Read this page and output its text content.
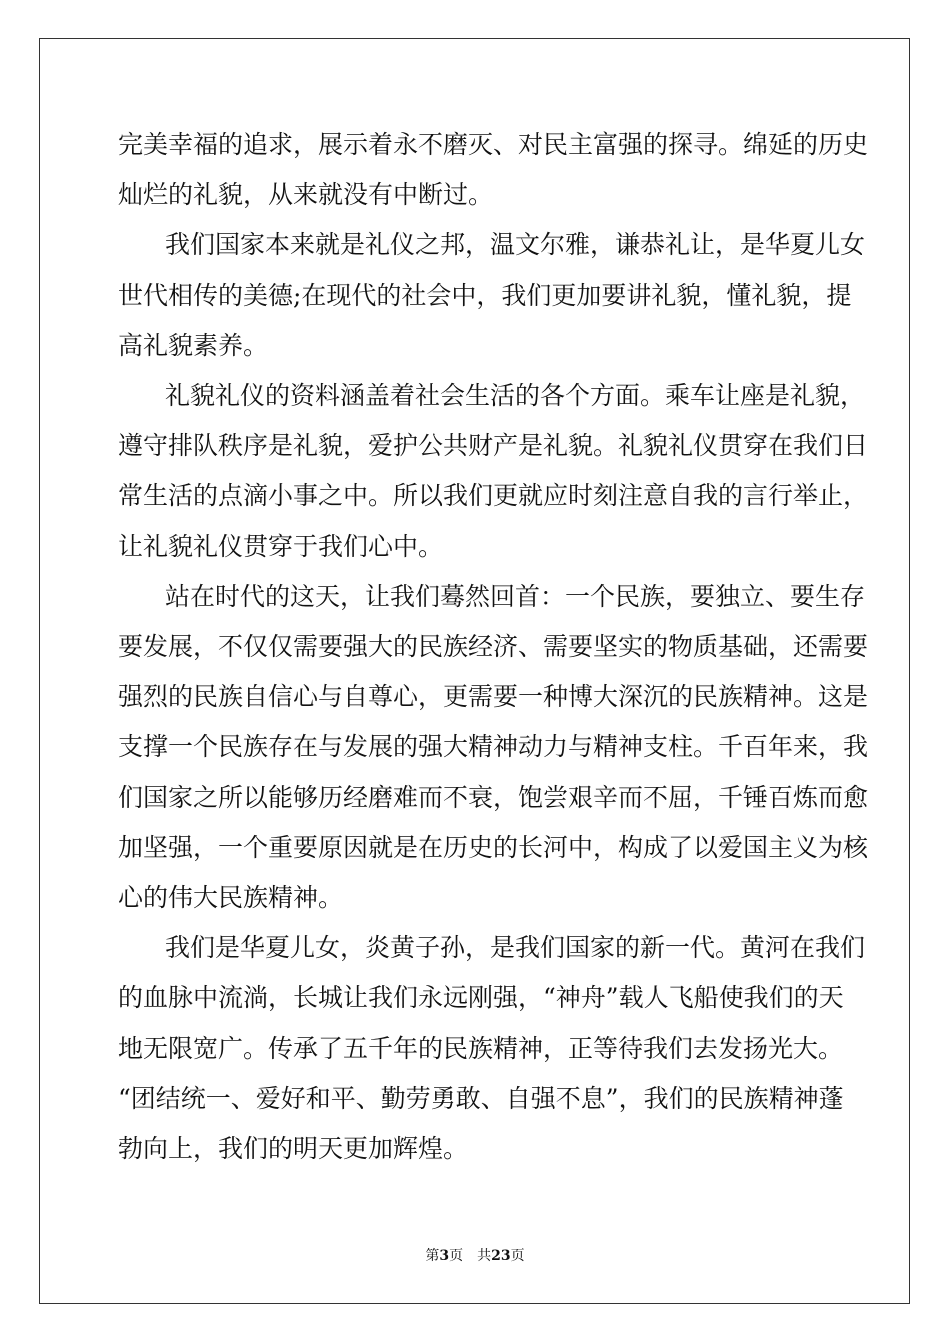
完美幸福的追求，展示着永不磨灭、对民主富强的探寻。绵延的历史
灿烂的礼貌，从来就没有中断过。
我们国家本来就是礼仪之邦，温文尔雅，谦恭礼让，是华夏儿女
世代相传的美德;在现代的社会中，我们更加要讲礼貌，懂礼貌，提
高礼貌素养。
礼貌礼仪的资料涵盖着社会生活的各个方面。乘车让座是礼貌，
遵守排队秩序是礼貌，爱护公共财产是礼貌。礼貌礼仪贯穿在我们日
常生活的点滴小事之中。所以我们更就应时刻注意自我的言行举止，
让礼貌礼仪贯穿于我们心中。
站在时代的这天，让我们蓦然回首：一个民族，要独立、要生存
要发展，不仅仅需要强大的民族经济、需要坚实的物质基础，还需要
强烈的民族自信心与自尊心，更需要一种博大深沉的民族精神。这是
支撑一个民族存在与发展的强大精神动力与精神支柱。千百年来，我
们国家之所以能够历经磨难而不衰，饱尝艰辛而不屈，千锤百炼而愈
加坚强，一个重要原因就是在历史的长河中，构成了以爱国主义为核
心的伟大民族精神。
我们是华夏儿女，炎黄子孙，是我们国家的新一代。黄河在我们
的血脉中流淌，长城让我们永远刚强，“神舟”载人飞船使我们的天
地无限宽广。传承了五千年的民族精神，正等待我们去发扬光大。
“团结统一、爱好和平、勤劳勇敢、自强不息”，我们的民族精神蓬
勃向上，我们的明天更加辉煌。
第3页 共23页
